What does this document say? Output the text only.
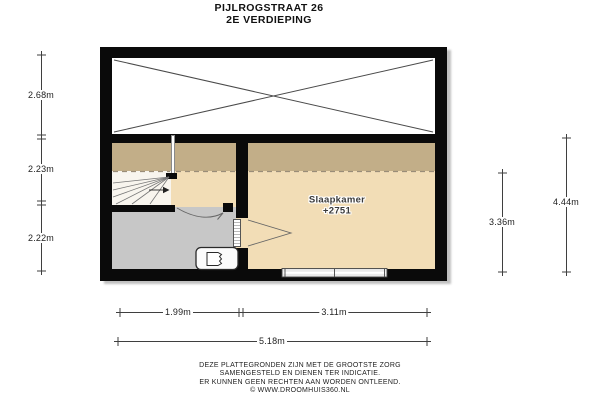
PIJLROGSTRAAT 26
2E VERDIEPING
Slaapkamer
+2751
2.68m
2.23m
2.22m
3.36m
4.44m
1.99m	3.11m
5.18m
DEZE PLATTEGRONDEN ZIJN MET DE GROOTSTE ZORG
SAMENGESTELD EN DIENEN TER INDICATIE.
ER KUNNEN GEEN RECHTEN AAN WORDEN ONTLEEND.
© WWW.DROOMHUIS360.NL
